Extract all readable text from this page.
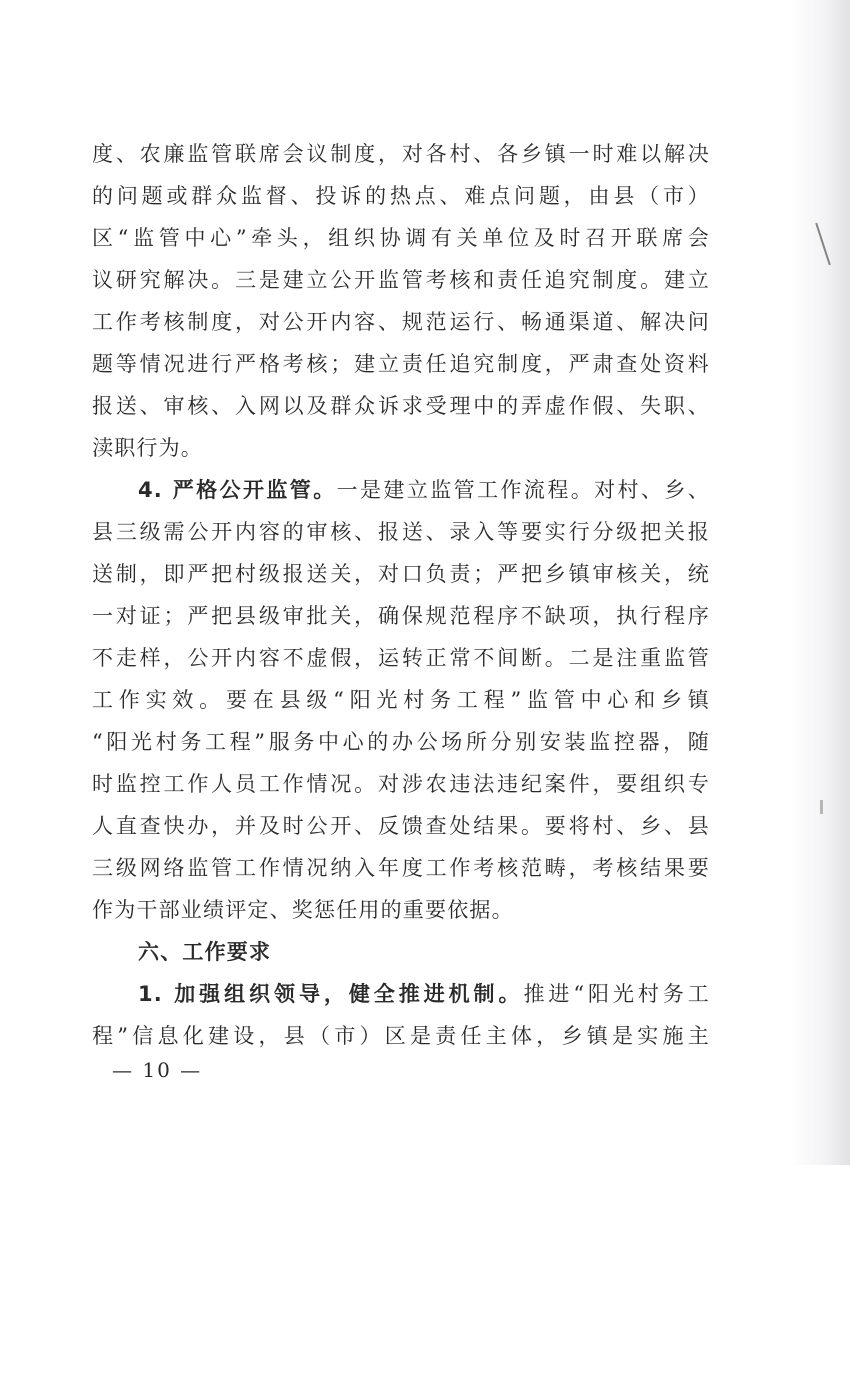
度、农廉监管联席会议制度，对各村、各乡镇一时难以解决
的问题或群众监督、投诉的热点、难点问题，由县（市）
区“监管中心”牵头，组织协调有关单位及时召开联席会
议研究解决。三是建立公开监管考核和责任追究制度。建立
工作考核制度，对公开内容、规范运行、畅通渠道、解决问
题等情况进行严格考核；建立责任追究制度，严肃查处资料
报送、审核、入网以及群众诉求受理中的弄虚作假、失职、
渎职行为。
4. 严格公开监管。一是建立监管工作流程。对村、乡、
县三级需公开内容的审核、报送、录入等要实行分级把关报
送制，即严把村级报送关，对口负责；严把乡镇审核关，统
一对证；严把县级审批关，确保规范程序不缺项，执行程序
不走样，公开内容不虚假，运转正常不间断。二是注重监管
工作实效。要在县级“阳光村务工程”监管中心和乡镇
“阳光村务工程”服务中心的办公场所分别安装监控器，随
时监控工作人员工作情况。对涉农违法违纪案件，要组织专
人直查快办，并及时公开、反馈查处结果。要将村、乡、县
三级网络监管工作情况纳入年度工作考核范畴，考核结果要
作为干部业绩评定、奖惩任用的重要依据。
六、工作要求
1. 加强组织领导，健全推进机制。推进“阳光村务工
程”信息化建设，县（市）区是责任主体，乡镇是实施主
— 10 —
